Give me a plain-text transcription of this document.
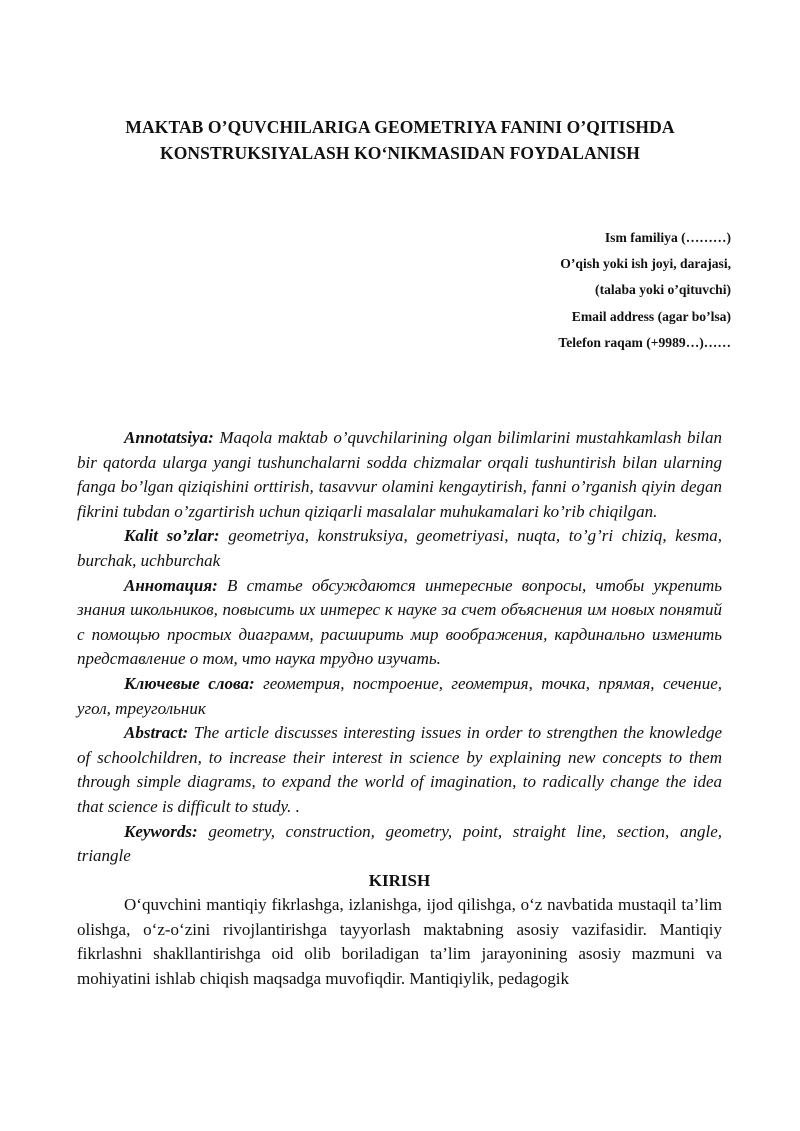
MAKTAB O’QUVCHILARIGA GEOMETRIYA FANINI O’QITISHDA
KONSTRUKSIYALASH KO‘NIKMASIDAN FOYDALANISH
Ism familiya (………)
O’qish yoki ish joyi, darajasi,
(talaba yoki o’qituvchi)
Email address (agar bo’lsa)
Telefon raqam (+9989…)……

Annotatsiya: Maqola maktab o’quvchilarining olgan bilimlarini mustahkamlash bilan bir qatorda ularga yangi tushunchalarni sodda chizmalar orqali tushuntirish bilan ularning fanga bo’lgan qiziqishini orttirish, tasavvur olamini kengaytirish, fanni o’rganish qiyin degan fikrini tubdan o’zgartirish uchun qiziqarli masalalar muhukamalari ko’rib chiqilgan.

Kalit so’zlar: geometriya, konstruksiya, geometriyasi, nuqta, to’g’ri chiziq, kesma, burchak, uchburchak

Аннотация: В статье обсуждаются интересные вопросы, чтобы укрепить знания школьников, повысить их интерес к науке за счет объяснения им новых понятий с помощью простых диаграмм, расширить мир воображения, кардинально изменить представление о том, что наука трудно изучать.

Ключевые слова: геометрия, построение, геометрия, точка, прямая, сечение, угол, треугольник

Abstract: The article discusses interesting issues in order to strengthen the knowledge of schoolchildren, to increase their interest in science by explaining new concepts to them through simple diagrams, to expand the world of imagination, to radically change the idea that science is difficult to study. .

Keywords: geometry, construction, geometry, point, straight line, section, angle, triangle

KIRISH

O‘quvchini mantiqiy fikrlashga, izlanishga, ijod qilishga, o‘z navbatida mustaqil ta’lim olishga, o‘z-o‘zini rivojlantirishga tayyorlash maktabning asosiy vazifasidir. Mantiqiy fikrlashni shakllantirishga oid olib boriladigan ta’lim jarayonining asosiy mazmuni va mohiyatini ishlab chiqish maqsadga muvofiqdir. Mantiqiylik, pedagogik
